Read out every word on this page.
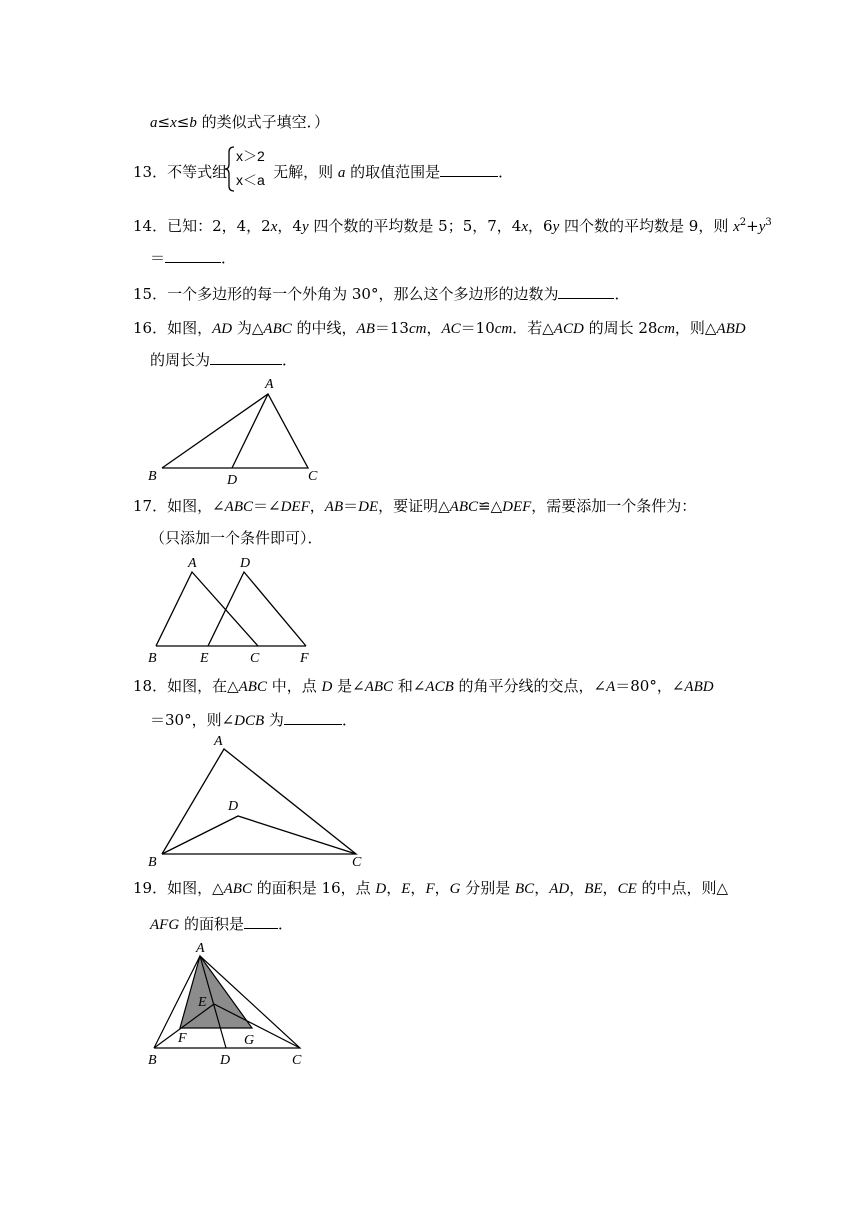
a≤x≤b 的类似式子填空．）
13．不等式组	无解，则 a 的取值范围是	．
x＞2
x＜a
14．已知：2，4，2x，4y 四个数的平均数是 5；5，7，4x，6y 四个数的平均数是 9，则 $x^2+y^3$
＝	．
15．一个多边形的每一个外角为 30°，那么这个多边形的边数为	．
16．如图，AD 为△ABC 的中线，AB＝13cm，AC＝10cm．若△ACD 的周长 28cm，则△ABD
的周长为	．
A
B	C
D
17．如图，∠ABC＝∠DEF，AB＝DE，要证明△ABC≌△DEF，需要添加一个条件为：
（只添加一个条件即可）．
A	D
B	E	C	F
18．如图，在△ABC 中，点 D 是∠ABC 和∠ACB 的角平分线的交点，∠A＝80°，∠ABD
＝30°，则∠DCB 为	．
A
D
B	C
19．如图，△ABC 的面积是 16，点 D，E，F，G 分别是 BC，AD，BE，CE 的中点，则△
AFG 的面积是 ．
A
E
F	G
B	D	C
